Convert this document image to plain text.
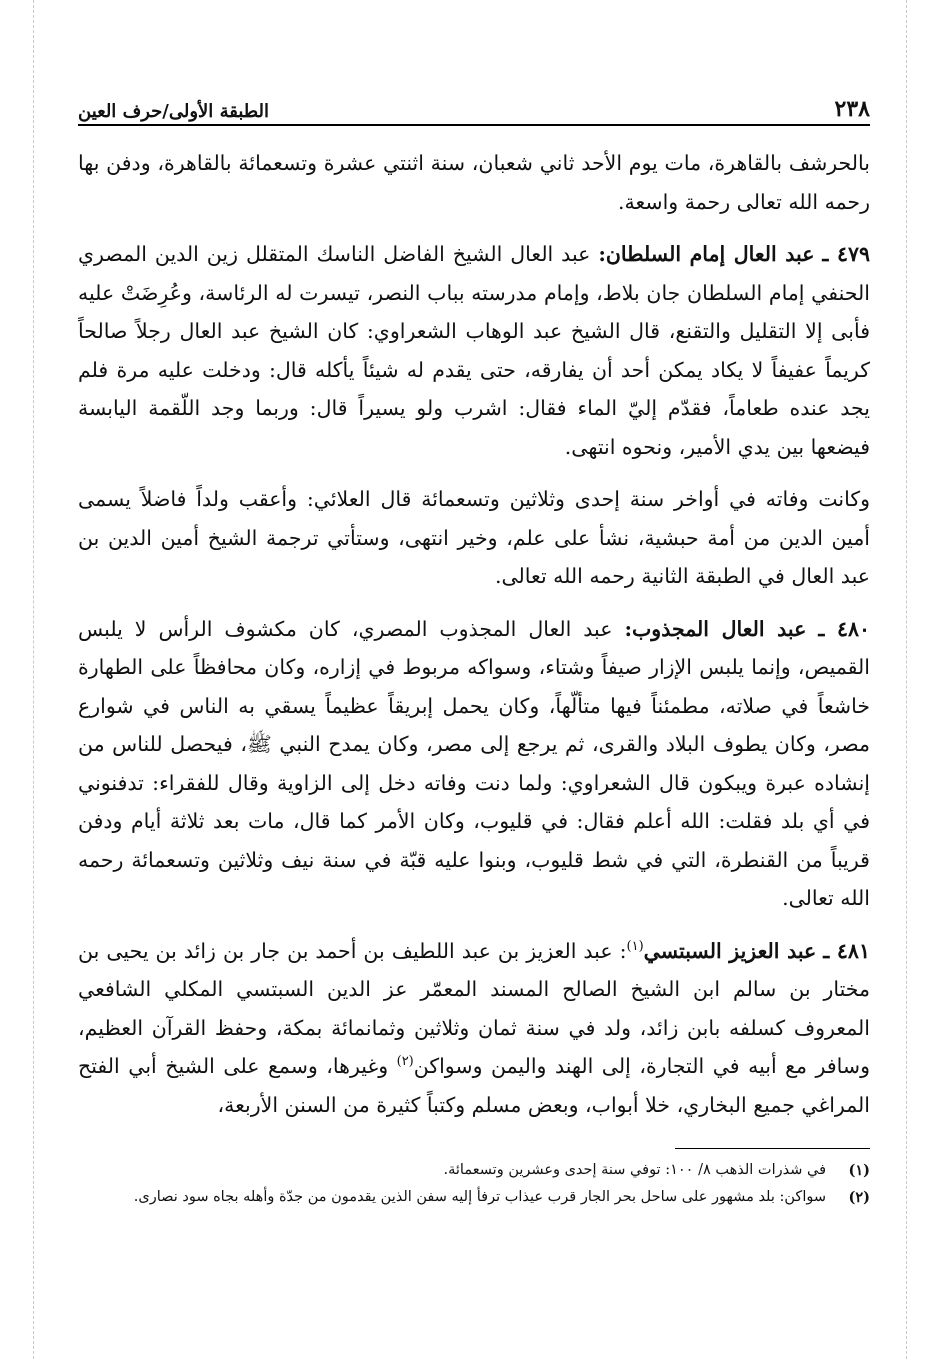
٢٣٨
الطبقة الأولى/حرف العين

بالحرشف بالقاهرة، مات يوم الأحد ثاني شعبان، سنة اثنتي عشرة وتسعمائة بالقاهرة، ودفن بها رحمه الله تعالى رحمة واسعة.

٤٧٩ ـ عبد العال إمام السلطان: عبد العال الشيخ الفاضل الناسك المتقلل زين الدين المصري الحنفي إمام السلطان جان بلاط، وإمام مدرسته بباب النصر، تيسرت له الرئاسة، وعُرِضَتْ عليه فأبى إلا التقليل والتقنع، قال الشيخ عبد الوهاب الشعراوي: كان الشيخ عبد العال رجلاً صالحاً كريماً عفيفاً لا يكاد يمكن أحد أن يفارقه، حتى يقدم له شيئاً يأكله قال: ودخلت عليه مرة فلم يجد عنده طعاماً، فقدّم إليّ الماء فقال: اشرب ولو يسيراً قال: وربما وجد اللّقمة اليابسة فيضعها بين يدي الأمير، ونحوه انتهى.

وكانت وفاته في أواخر سنة إحدى وثلاثين وتسعمائة قال العلائي: وأعقب ولداً فاضلاً يسمى أمين الدين من أمة حبشية، نشأ على علم، وخير انتهى، وستأتي ترجمة الشيخ أمين الدين بن عبد العال في الطبقة الثانية رحمه الله تعالى.

٤٨٠ ـ عبد العال المجذوب: عبد العال المجذوب المصري، كان مكشوف الرأس لا يلبس القميص، وإنما يلبس الإزار صيفاً وشتاء، وسواكه مربوط في إزاره، وكان محافظاً على الطهارة خاشعاً في صلاته، مطمئناً فيها متألّهاً، وكان يحمل إبريقاً عظيماً يسقي به الناس في شوارع مصر، وكان يطوف البلاد والقرى، ثم يرجع إلى مصر، وكان يمدح النبي ﷺ، فيحصل للناس من إنشاده عبرة ويبكون قال الشعراوي: ولما دنت وفاته دخل إلى الزاوية وقال للفقراء: تدفنوني في أي بلد فقلت: الله أعلم فقال: في قليوب، وكان الأمر كما قال، مات بعد ثلاثة أيام ودفن قريباً من القنطرة، التي في شط قليوب، وبنوا عليه قبّة في سنة نيف وثلاثين وتسعمائة رحمه الله تعالى.

٤٨١ ـ عبد العزيز السبتسي$^{(١)}$: عبد العزيز بن عبد اللطيف بن أحمد بن جار بن زائد بن يحيى بن مختار بن سالم ابن الشيخ الصالح المسند المعمّر عز الدين السبتسي المكلي الشافعي المعروف كسلفه بابن زائد، ولد في سنة ثمان وثلاثين وثمانمائة بمكة، وحفظ القرآن العظيم، وسافر مع أبيه في التجارة، إلى الهند واليمن وسواكن$^{(٢)}$ وغيرها، وسمع على الشيخ أبي الفتح المراغي جميع البخاري، خلا أبواب، وبعض مسلم وكتباً كثيرة من السنن الأربعة،

(١)
في شذرات الذهب ٨/ ١٠٠: توفي سنة إحدى وعشرين وتسعمائة.
(٢)
سواكن: بلد مشهور على ساحل بحر الجار قرب عيذاب ترفأ إليه سفن الذين يقدمون من جدّة وأهله بجاه سود نصارى.
